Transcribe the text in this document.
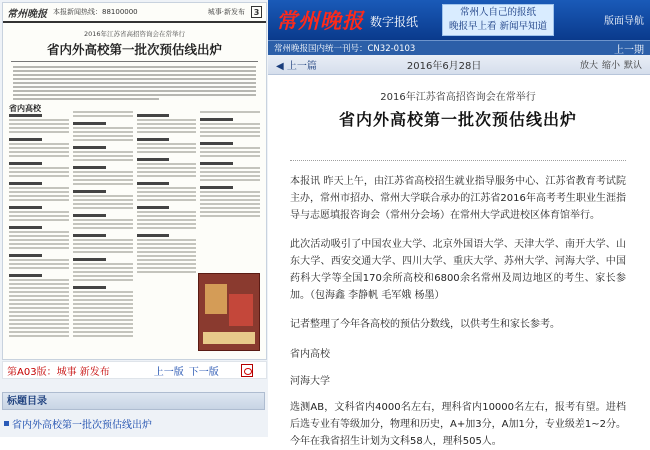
常州晚报 本报新闻热线：88100000	城事·新发布	3
2016年江苏省高招咨询会在常举行
省内外高校第一批次预估线出炉
省内高校
第A03版：城事 新发布	上一版 下一版
标题目录
省内外高校第一批次预估线出炉
常州晚报 数字报纸
常州人自己的报纸
晚报早上看 新闻早知道	版面导航
常州晚报国内统一刊号：CN32-0103	上一期
◀ 上一篇	2016年6月28日	放大 缩小 默认
2016年江苏省高招咨询会在常举行
省内外高校第一批次预估线出炉

本报讯 昨天上午，由江苏省高校招生就业指导服务中心、江苏省教育考试院主办，常州市招办、常州大学联合承办的江苏省2016年高考考生职业生涯指导与志愿填报咨询会（常州分会场）在常州大学武进校区体育馆举行。

此次活动吸引了中国农业大学、北京外国语大学、天津大学、南开大学、山东大学、西安交通大学、四川大学、重庆大学、苏州大学、河海大学、中国药科大学等全国170余所高校和6800余名常州及周边地区的考生、家长参加。（包海鑫 李静帆 毛军娥 杨墨）

记者整理了今年各高校的预估分数线，以供考生和家长参考。

省内高校

河海大学

选测AB，文科省内4000名左右，理科省内10000名左右，报考有望。进档后选专业有等级加分，物理和历史，A+加3分，A加1分，专业级差1~2分。今年在我省招生计划为文科58人，理科505人。
